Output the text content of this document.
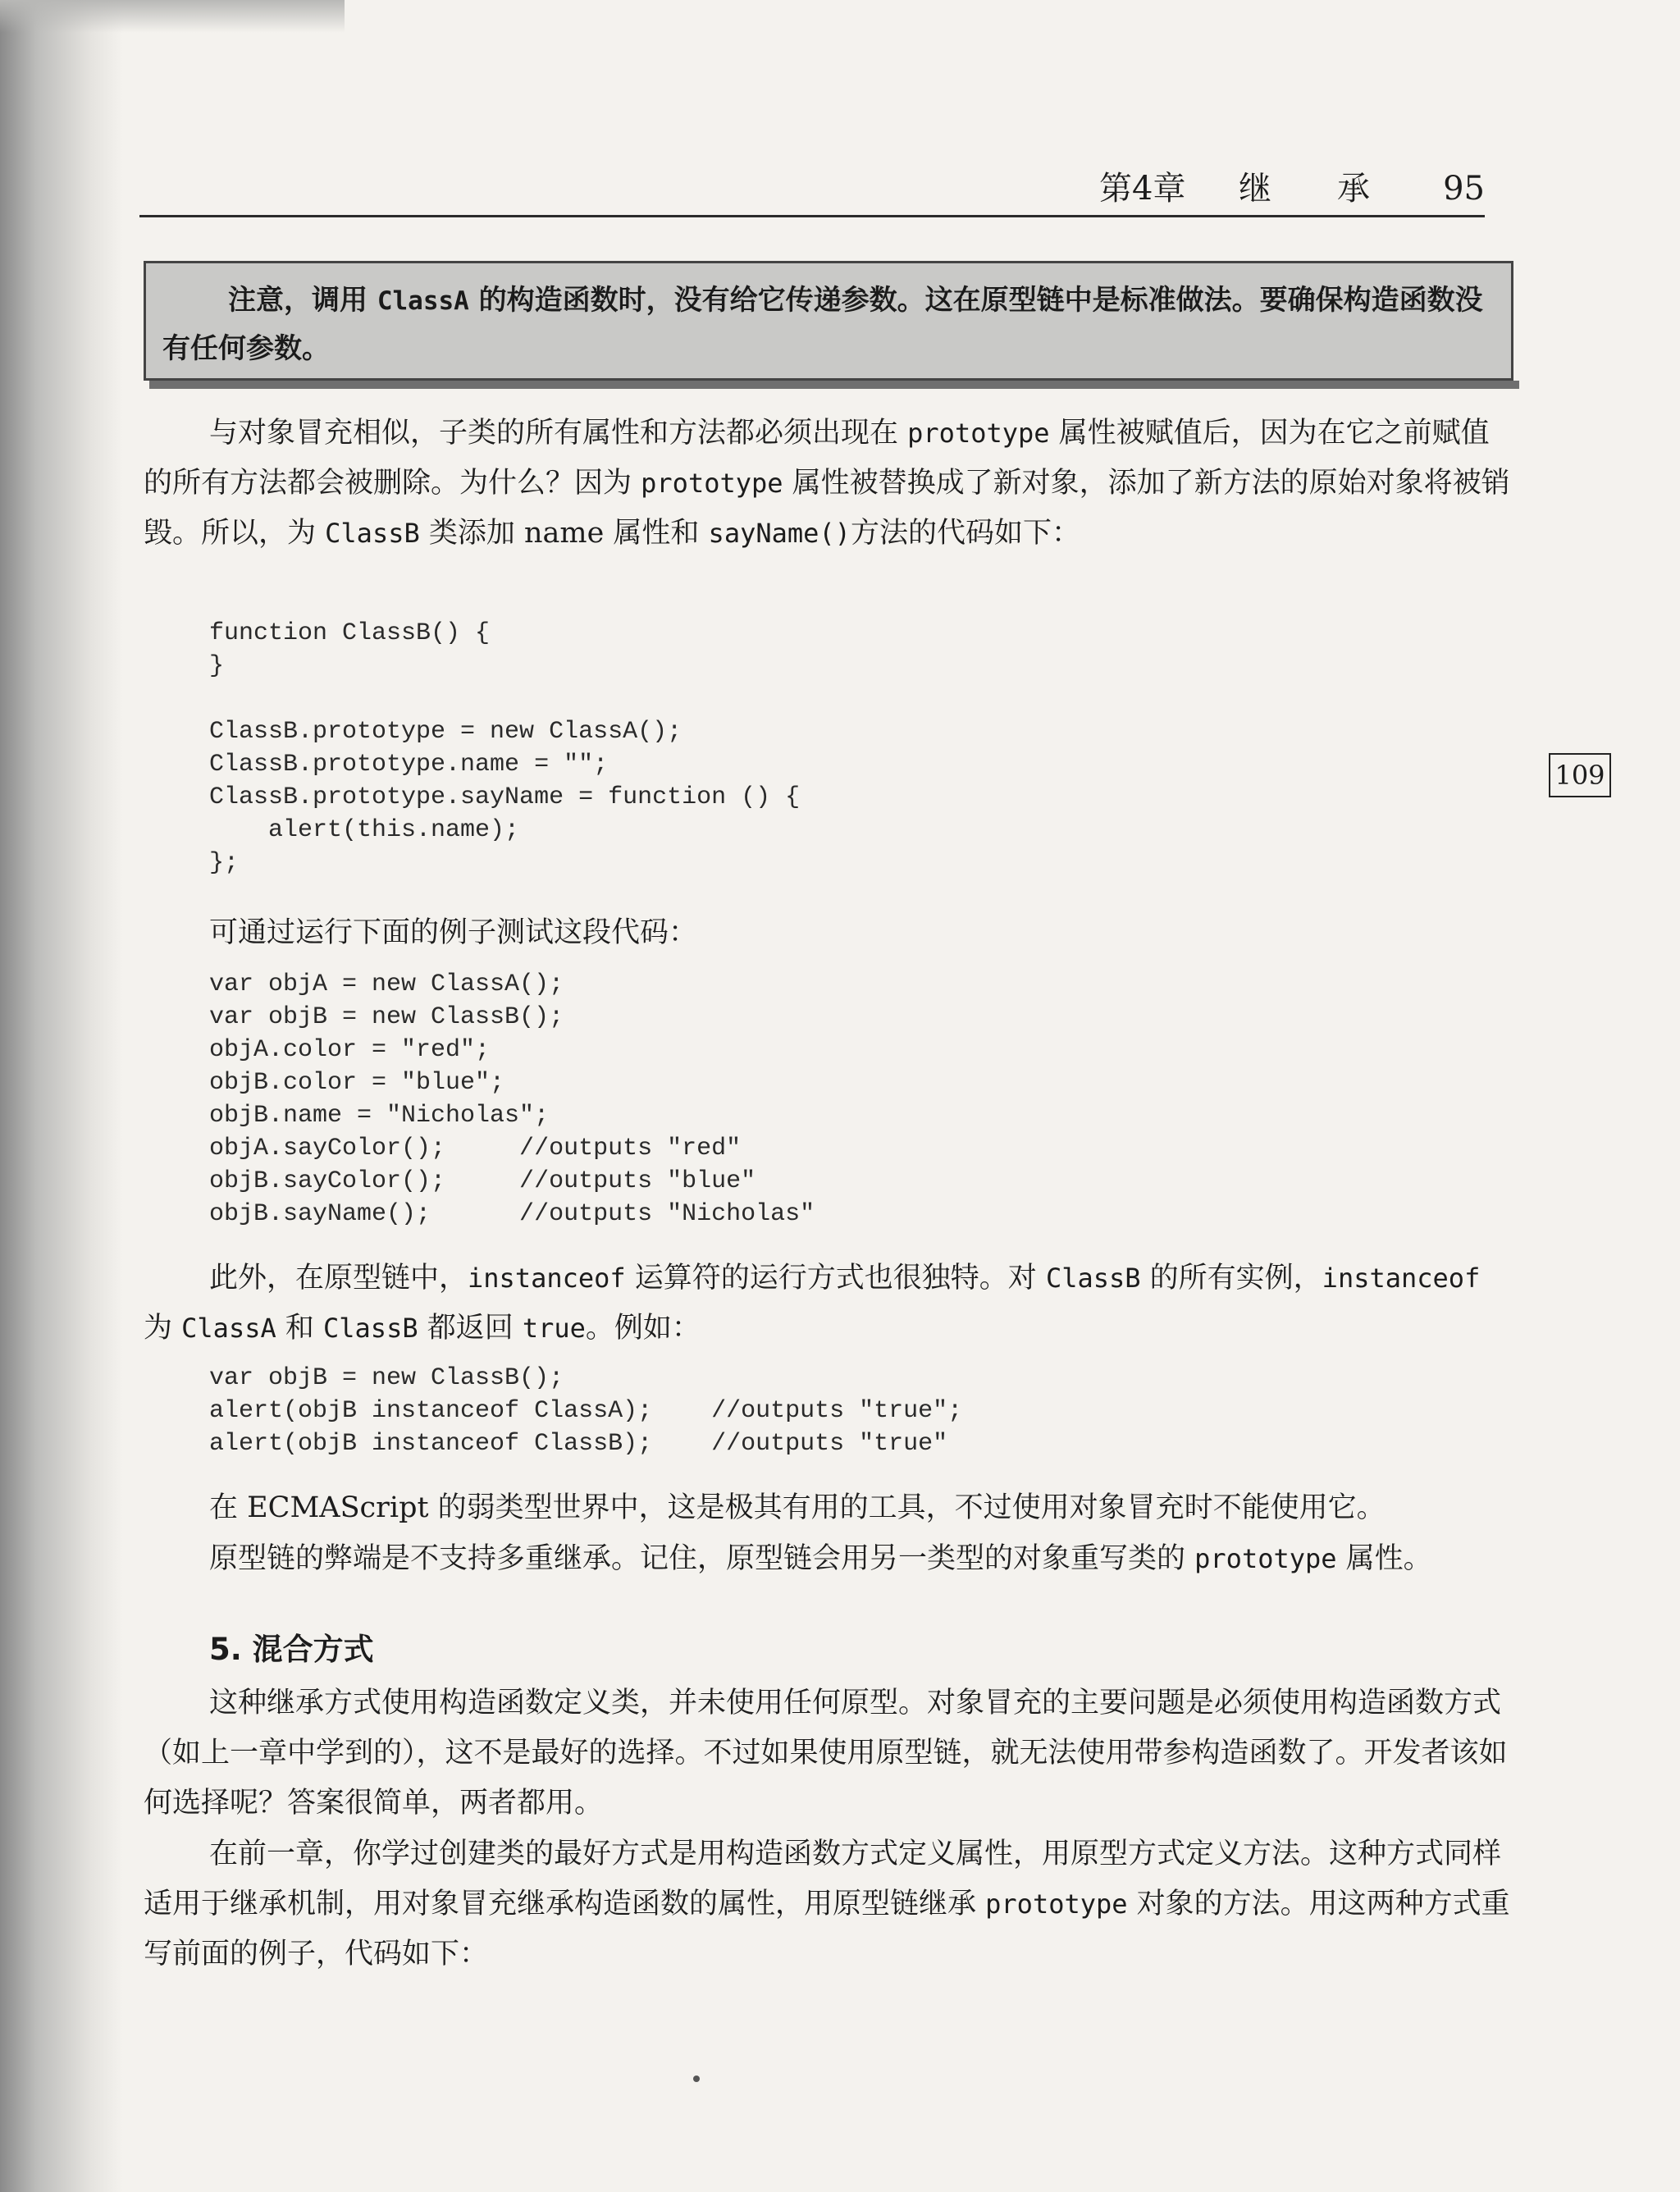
第4章 继 承 95
109
注意，调用 ClassA 的构造函数时，没有给它传递参数。这在原型链中是标准做法。要确保构造函数没有任何参数。
与对象冒充相似，子类的所有属性和方法都必须出现在 prototype 属性被赋值后，因为在它之前赋值的所有方法都会被删除。为什么？因为 prototype 属性被替换成了新对象，添加了新方法的原始对象将被销毁。所以，为 ClassB 类添加 name 属性和 sayName()方法的代码如下：
function ClassB() {
}
ClassB.prototype = new ClassA();
ClassB.prototype.name = "";
ClassB.prototype.sayName = function () {
alert(this.name);
};
可通过运行下面的例子测试这段代码：
var objA = new ClassA();
var objB = new ClassB();
objA.color = "red";
objB.color = "blue";
objB.name = "Nicholas";
objA.sayColor();     //outputs "red"
objB.sayColor();     //outputs "blue"
objB.sayName();      //outputs "Nicholas"
此外，在原型链中，instanceof 运算符的运行方式也很独特。对 ClassB 的所有实例，instanceof 为 ClassA 和 ClassB 都返回 true。例如：
var objB = new ClassB();
alert(objB instanceof ClassA);    //outputs "true";
alert(objB instanceof ClassB);    //outputs "true"
在 ECMAScript 的弱类型世界中，这是极其有用的工具，不过使用对象冒充时不能使用它。
原型链的弊端是不支持多重继承。记住，原型链会用另一类型的对象重写类的 prototype 属性。
5. 混合方式
这种继承方式使用构造函数定义类，并未使用任何原型。对象冒充的主要问题是必须使用构造函数方式（如上一章中学到的），这不是最好的选择。不过如果使用原型链，就无法使用带参构造函数了。开发者该如何选择呢？答案很简单，两者都用。
在前一章，你学过创建类的最好方式是用构造函数方式定义属性，用原型方式定义方法。这种方式同样适用于继承机制，用对象冒充继承构造函数的属性，用原型链继承 prototype 对象的方法。用这两种方式重写前面的例子，代码如下：
